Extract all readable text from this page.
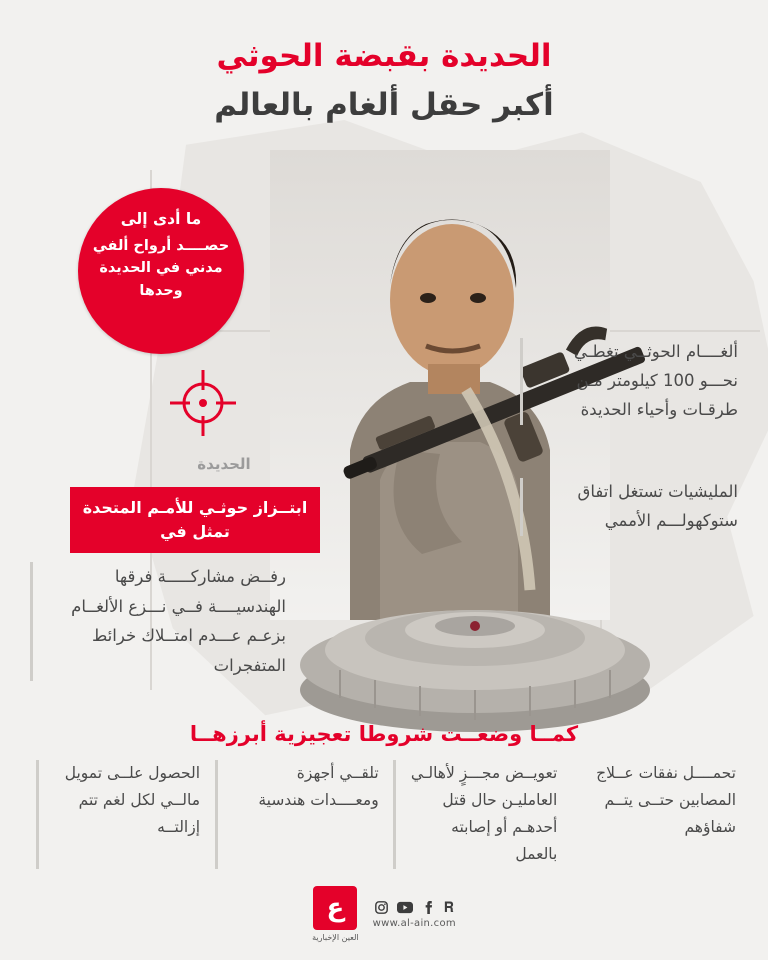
الحديدة بقبضة الحوثي
أكبر حقل ألغام بالعالم
ما أدى إلى
حصــــد أرواح ألفي مدني في الحديدة وحدها
الحديدة
ألغــــام الحوثــي تغطـي نحـــو 100 كيلومتر مـن طرقـات وأحياء الحديدة
المليشيات تستغل اتفاق ستوكهولـــم الأممي
ابتــزاز حوثـي للأمـم المتحدة تمثل في
رفــض مشاركـــــة فرقها الهندسيــــة فــي نـــزع الألغــام بزعـم عـــدم امتــلاك خرائط المتفجرات
كمــا وضعــت شروطا تعجيزية أبرزهــا
الحصول علــى تمويل مالــي لكل لغم تتم إزالتــه
تلقــي أجهزة ومعــــدات هندسية
تعويــض مجـــزٍ لأهالـي العامليـن حال قتل أحدهـم أو إصابته بالعمل
تحمــــل نفقات عــلاج المصابين حتــى يتــم شفاؤهم
𝐑
www.al-ain.com
ع
العين الإخبارية
